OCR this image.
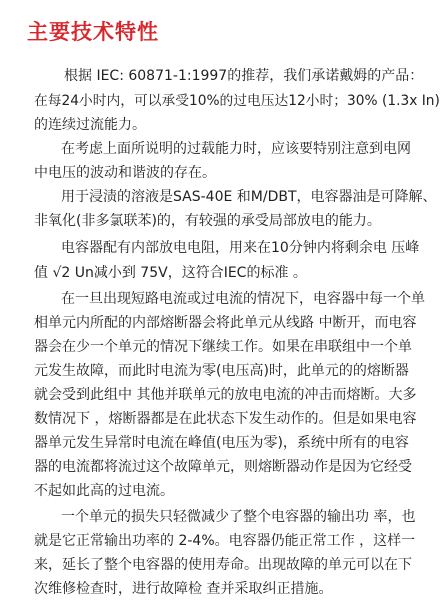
主要技术特性
根据 IEC: 60871-1:1997的推荐，我们承诺戴姆的产品：
在每24小时内，可以承受10%的过电压达12小时；30% (1.3x In)
的连续过流能力。
在考虑上面所说明的过载能力时，应该要特别注意到电网
中电压的波动和谐波的存在。
用于浸渍的溶液是SAS-40E 和M/DBT，电容器油是可降解、
非氧化(非多氯联苯)的，有较强的承受局部放电的能力。
电容器配有内部放电电阻，用来在10分钟内将剩余电 压峰
值 √2 Un减小到 75V，这符合IEC的标准 。
在一旦出现短路电流或过电流的情况下，电容器中每一个单
相单元内所配的内部熔断器会将此单元从线路 中断开，而电容
器会在少一个单元的情况下继续工作。如果在串联组中一个单
元发生故障，而此时电流为零(电压高)时，此单元的的熔断器
就会受到此组中 其他并联单元的放电电流的冲击而熔断。大多
数情况下 ，熔断器都是在此状态下发生动作的。但是如果电容
器单元发生异常时电流在峰值(电压为零)，系统中所有的电容
器的电流都将流过这个故障单元，则熔断器动作是因为它经受
不起如此高的过电流。
一个单元的损失只轻微减少了整个电容器的输出功 率，也
就是它正常输出功率的 2-4%。电容器仍能正常工作 ，这样一
来，延长了整个电容器的使用寿命。出现故障的单元可以在下
次维修检查时，进行故障检 查并采取纠正措施。
